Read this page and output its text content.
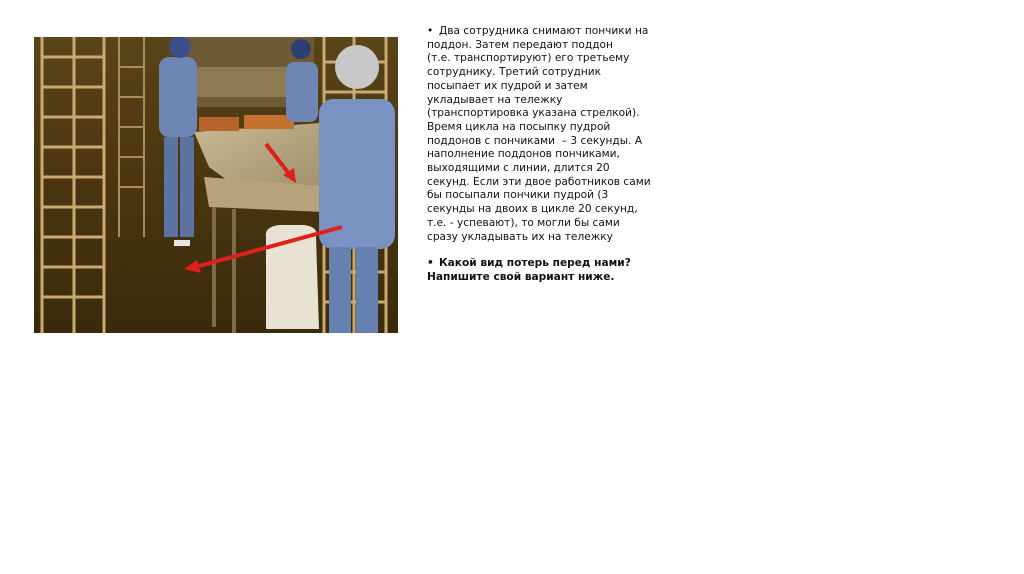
• Два сотрудника снимают пончики на
поддон. Затем передают поддон
(т.е. транспортируют) его третьему
сотруднику. Третий сотрудник
посыпает их пудрой и затем
укладывает на тележку
(транспортировка указана стрелкой).
Время цикла на посыпку пудрой
поддонов с пончиками  – 3 секунды. А
наполнение поддонов пончиками,
выходящими с линии, длится 20
секунд. Если эти двое работников сами
бы посыпали пончики пудрой (3
секунды на двоих в цикле 20 секунд,
т.е. - успевают), то могли бы сами
сразу укладывать их на тележку
• Какой вид потерь перед нами?
Напишите свой вариант ниже.
